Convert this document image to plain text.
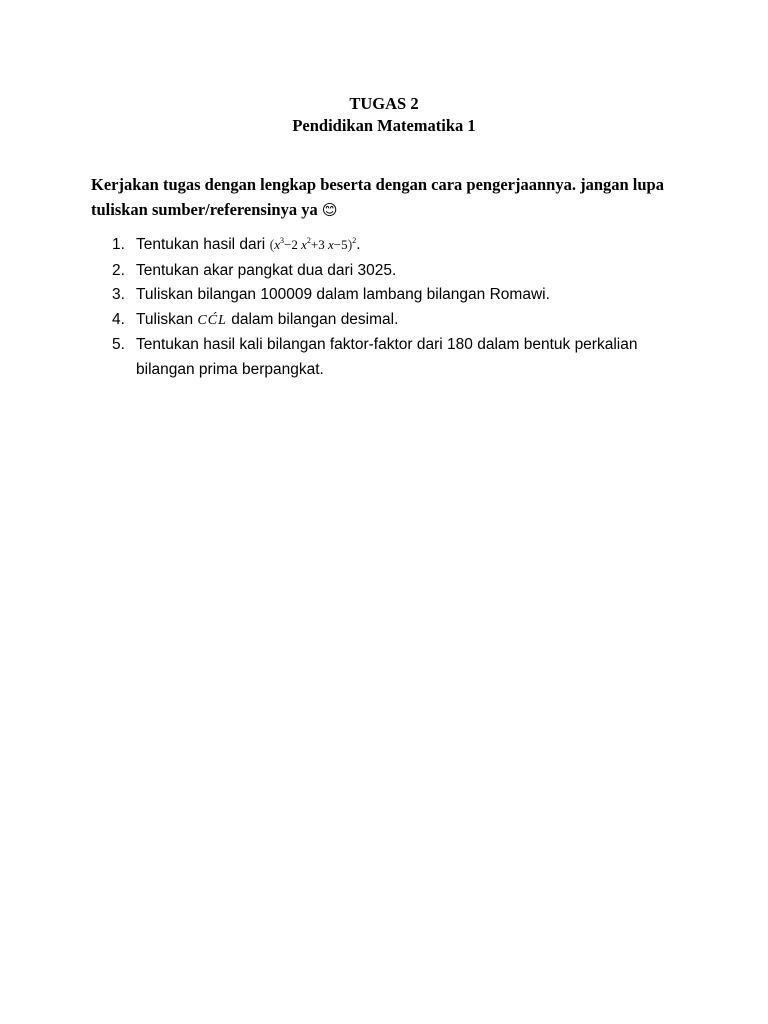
TUGAS 2
Pendidikan Matematika 1
Kerjakan tugas dengan lengkap beserta dengan cara pengerjaannya. jangan lupa tuliskan sumber/referensinya ya 😊
1. Tentukan hasil dari ($x^3-2$ $x^2+3$ x−5)$^2$.
2. Tentukan akar pangkat dua dari 3025.
3. Tuliskan bilangan 100009 dalam lambang bilangan Romawi.
4. Tuliskan CĆL dalam bilangan desimal.
5. Tentukan hasil kali bilangan faktor-faktor dari 180 dalam bentuk perkalian bilangan prima berpangkat.
